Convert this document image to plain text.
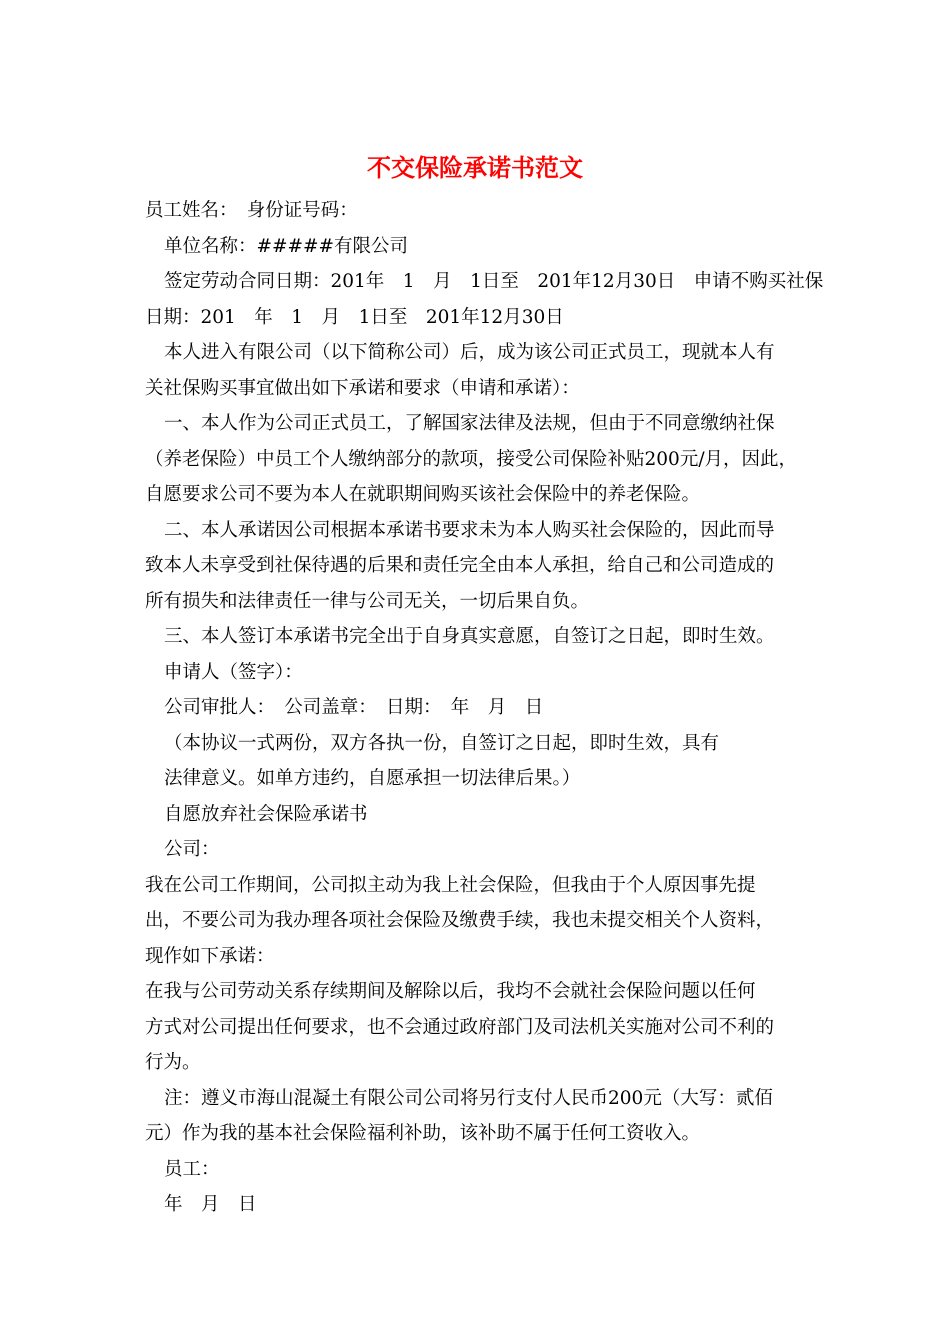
不交保险承诺书范文
员工姓名：　身份证号码：
单位名称：#####有限公司
签定劳动合同日期：201年　1　月　1日至　201年12月30日　申请不购买社保
日期：201　年　1　月　1日至　201年12月30日
本人进入有限公司（以下简称公司）后，成为该公司正式员工，现就本人有
关社保购买事宜做出如下承诺和要求（申请和承诺）：
一、本人作为公司正式员工，了解国家法律及法规，但由于不同意缴纳社保
（养老保险）中员工个人缴纳部分的款项，接受公司保险补贴200元/月，因此，
自愿要求公司不要为本人在就职期间购买该社会保险中的养老保险。
二、本人承诺因公司根据本承诺书要求未为本人购买社会保险的，因此而导
致本人未享受到社保待遇的后果和责任完全由本人承担，给自己和公司造成的
所有损失和法律责任一律与公司无关，一切后果自负。
三、本人签订本承诺书完全出于自身真实意愿，自签订之日起，即时生效。
申请人（签字）：
公司审批人：　公司盖章：　日期：　年　月　日
（本协议一式两份，双方各执一份，自签订之日起，即时生效，具有
法律意义。如单方违约，自愿承担一切法律后果。）
自愿放弃社会保险承诺书
公司：
我在公司工作期间，公司拟主动为我上社会保险，但我由于个人原因事先提
出，不要公司为我办理各项社会保险及缴费手续，我也未提交相关个人资料，
现作如下承诺：
在我与公司劳动关系存续期间及解除以后，我均不会就社会保险问题以任何
方式对公司提出任何要求，也不会通过政府部门及司法机关实施对公司不利的
行为。
注：遵义市海山混凝土有限公司公司将另行支付人民币200元（大写：贰佰
元）作为我的基本社会保险福利补助，该补助不属于任何工资收入。
员工：
年　月　日
